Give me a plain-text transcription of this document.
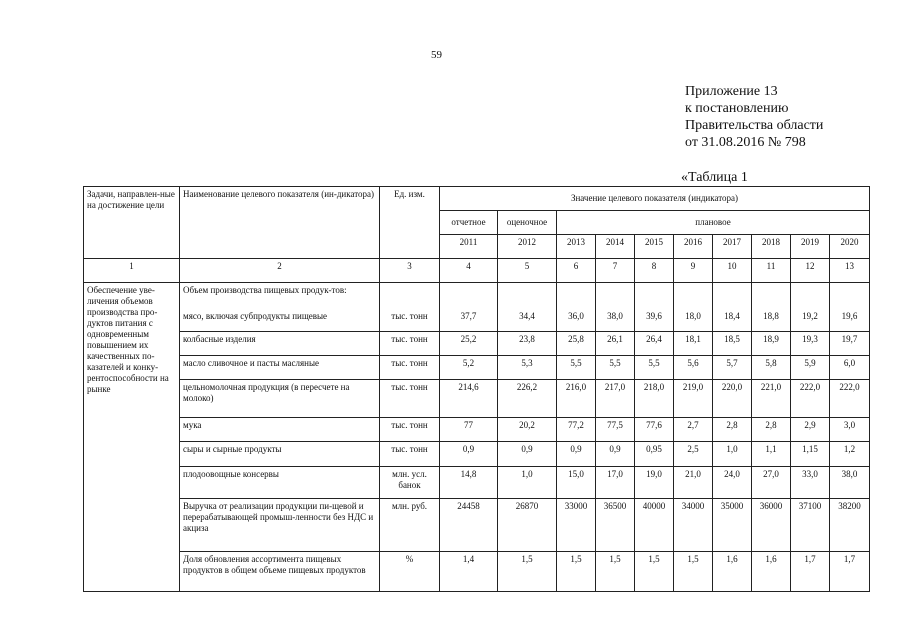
59
Приложение 13
к постановлению
Правительства области
от 31.08.2016 № 798
«Таблица 1
Задачи, направлен-ные на достижение цели	Наименование целевого показателя (ин-дикатора)	Ед. изм.	Значение целевого показателя (индикатора)									
			отчетное	оценочное	плановое							
			2011	2012	2013	2014	2015	2016	2017	2018	2019	2020
1	2	3	4	5	6	7	8	9	10	11	12	13
Обеспечение уве-личения объемов производства про-дуктов питания с одновременным повышением их качественных по-казателей и конку-рентоспособности на рынке	Объем производства пищевых продук-тов:											
	мясо, включая субпродукты пищевые	тыс. тонн	37,7	34,4	36,0	38,0	39,6	18,0	18,4	18,8	19,2	19,6
	колбасные изделия	тыс. тонн	25,2	23,8	25,8	26,1	26,4	18,1	18,5	18,9	19,3	19,7
	масло сливочное и пасты масляные	тыс. тонн	5,2	5,3	5,5	5,5	5,5	5,6	5,7	5,8	5,9	6,0
	цельномолочная продукция (в пересчете на молоко)	тыс. тонн	214,6	226,2	216,0	217,0	218,0	219,0	220,0	221,0	222,0	222,0
	мука	тыс. тонн	77	20,2	77,2	77,5	77,6	2,7	2,8	2,8	2,9	3,0
	сыры и сырные продукты	тыс. тонн	0,9	0,9	0,9	0,9	0,95	2,5	1,0	1,1	1,15	1,2
	плодоовощные консервы	млн. усл. банок	14,8	1,0	15,0	17,0	19,0	21,0	24,0	27,0	33,0	38,0
	Выручка от реализации продукции пи-щевой и перерабатывающей промыш-ленности без НДС и акциза	млн. руб.	24458	26870	33000	36500	40000	34000	35000	36000	37100	38200
	Доля обновления ассортимента пищевых продуктов в общем объеме пищевых продуктов	%	1,4	1,5	1,5	1,5	1,5	1,5	1,6	1,6	1,7	1,7
